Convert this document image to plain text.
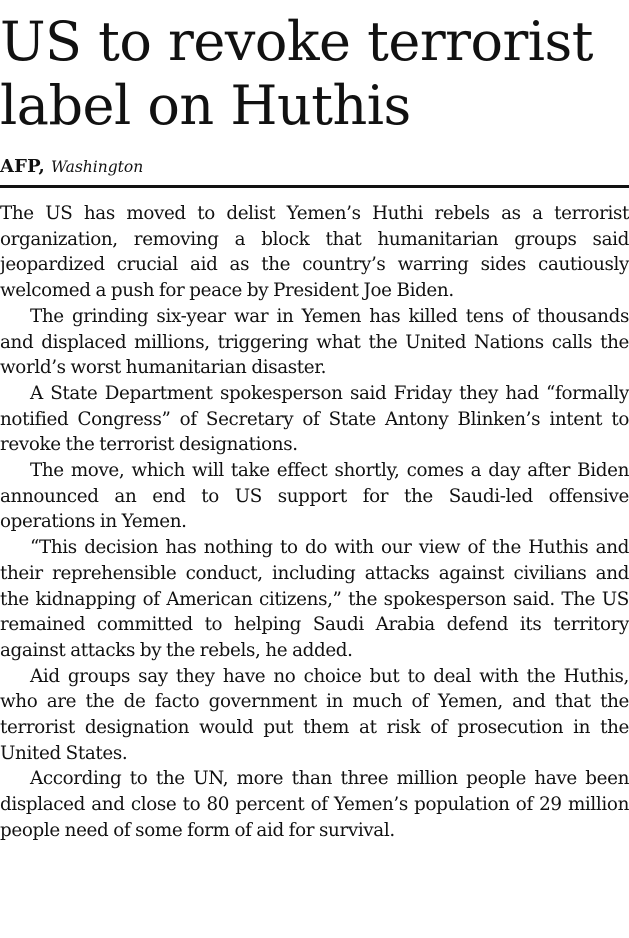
US to revoke terrorist label on Huthis
AFP, Washington

The US has moved to delist Yemen’s Huthi rebels as a terrorist organization, removing a block that humanitarian groups said jeopardized crucial aid as the country’s warring sides cautiously welcomed a push for peace by President Joe Biden.

The grinding six-year war in Yemen has killed tens of thousands and displaced millions, triggering what the United Nations calls the world’s worst humanitarian disaster.

A State Department spokesperson said Friday they had “formally notified Congress” of Secretary of State Antony Blinken’s intent to revoke the terrorist designations.

The move, which will take effect shortly, comes a day after Biden announced an end to US support for the Saudi-led offensive operations in Yemen.

“This decision has nothing to do with our view of the Huthis and their reprehensible conduct, including attacks against civilians and the kidnapping of American citizens,” the spokesperson said. The US remained committed to helping Saudi Arabia defend its territory against attacks by the rebels, he added.

Aid groups say they have no choice but to deal with the Huthis, who are the de facto government in much of Yemen, and that the terrorist designation would put them at risk of prosecution in the United States.

According to the UN, more than three million people have been displaced and close to 80 percent of Yemen’s population of 29 million people need of some form of aid for survival.
